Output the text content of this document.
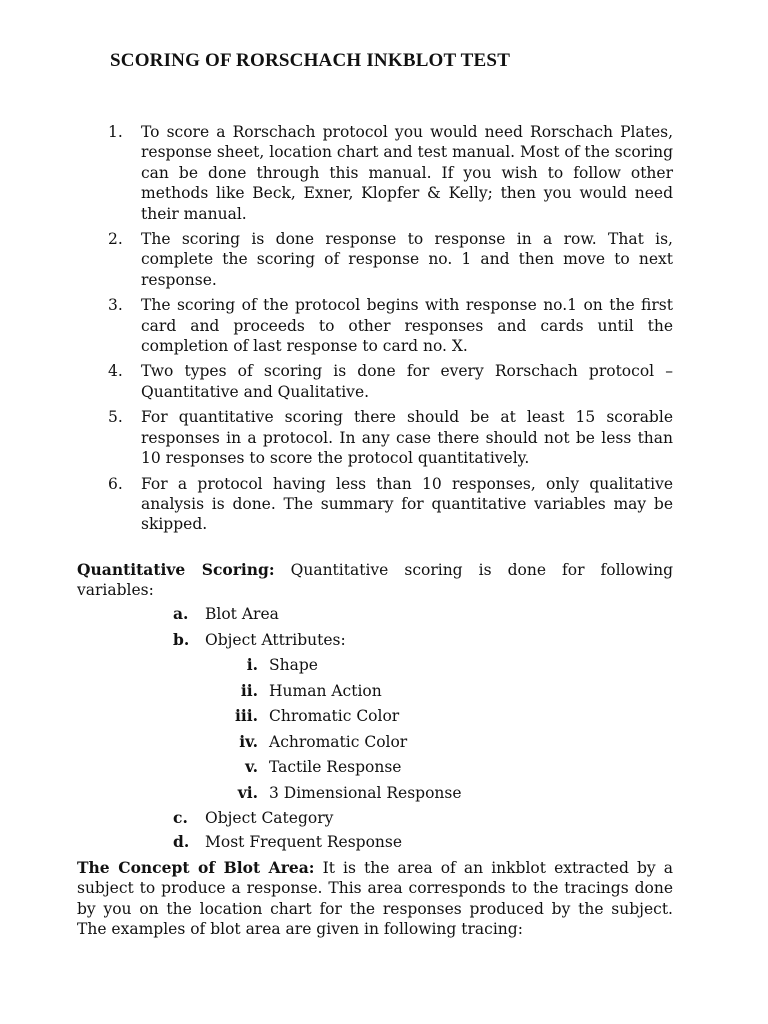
SCORING OF RORSCHACH INKBLOT TEST
1. To score a Rorschach protocol you would need Rorschach Plates, response sheet, location chart and test manual. Most of the scoring can be done through this manual. If you wish to follow other methods like Beck, Exner, Klopfer & Kelly; then you would need their manual.
2. The scoring is done response to response in a row. That is, complete the scoring of response no. 1 and then move to next response.
3. The scoring of the protocol begins with response no.1 on the first card and proceeds to other responses and cards until the completion of last response to card no. X.
4. Two types of scoring is done for every Rorschach protocol – Quantitative and Qualitative.
5. For quantitative scoring there should be at least 15 scorable responses in a protocol. In any case there should not be less than 10 responses to score the protocol quantitatively.
6. For a protocol having less than 10 responses, only qualitative analysis is done. The summary for quantitative variables may be skipped.

Quantitative Scoring: Quantitative scoring is done for following variables:

a. Blot Area
b. Object Attributes:
i. Shape
ii. Human Action
iii. Chromatic Color
iv. Achromatic Color
v. Tactile Response
vi. 3 Dimensional Response
c. Object Category
d. Most Frequent Response

The Concept of Blot Area: It is the area of an inkblot extracted by a subject to produce a response. This area corresponds to the tracings done by you on the location chart for the responses produced by the subject. The examples of blot area are given in following tracing:
